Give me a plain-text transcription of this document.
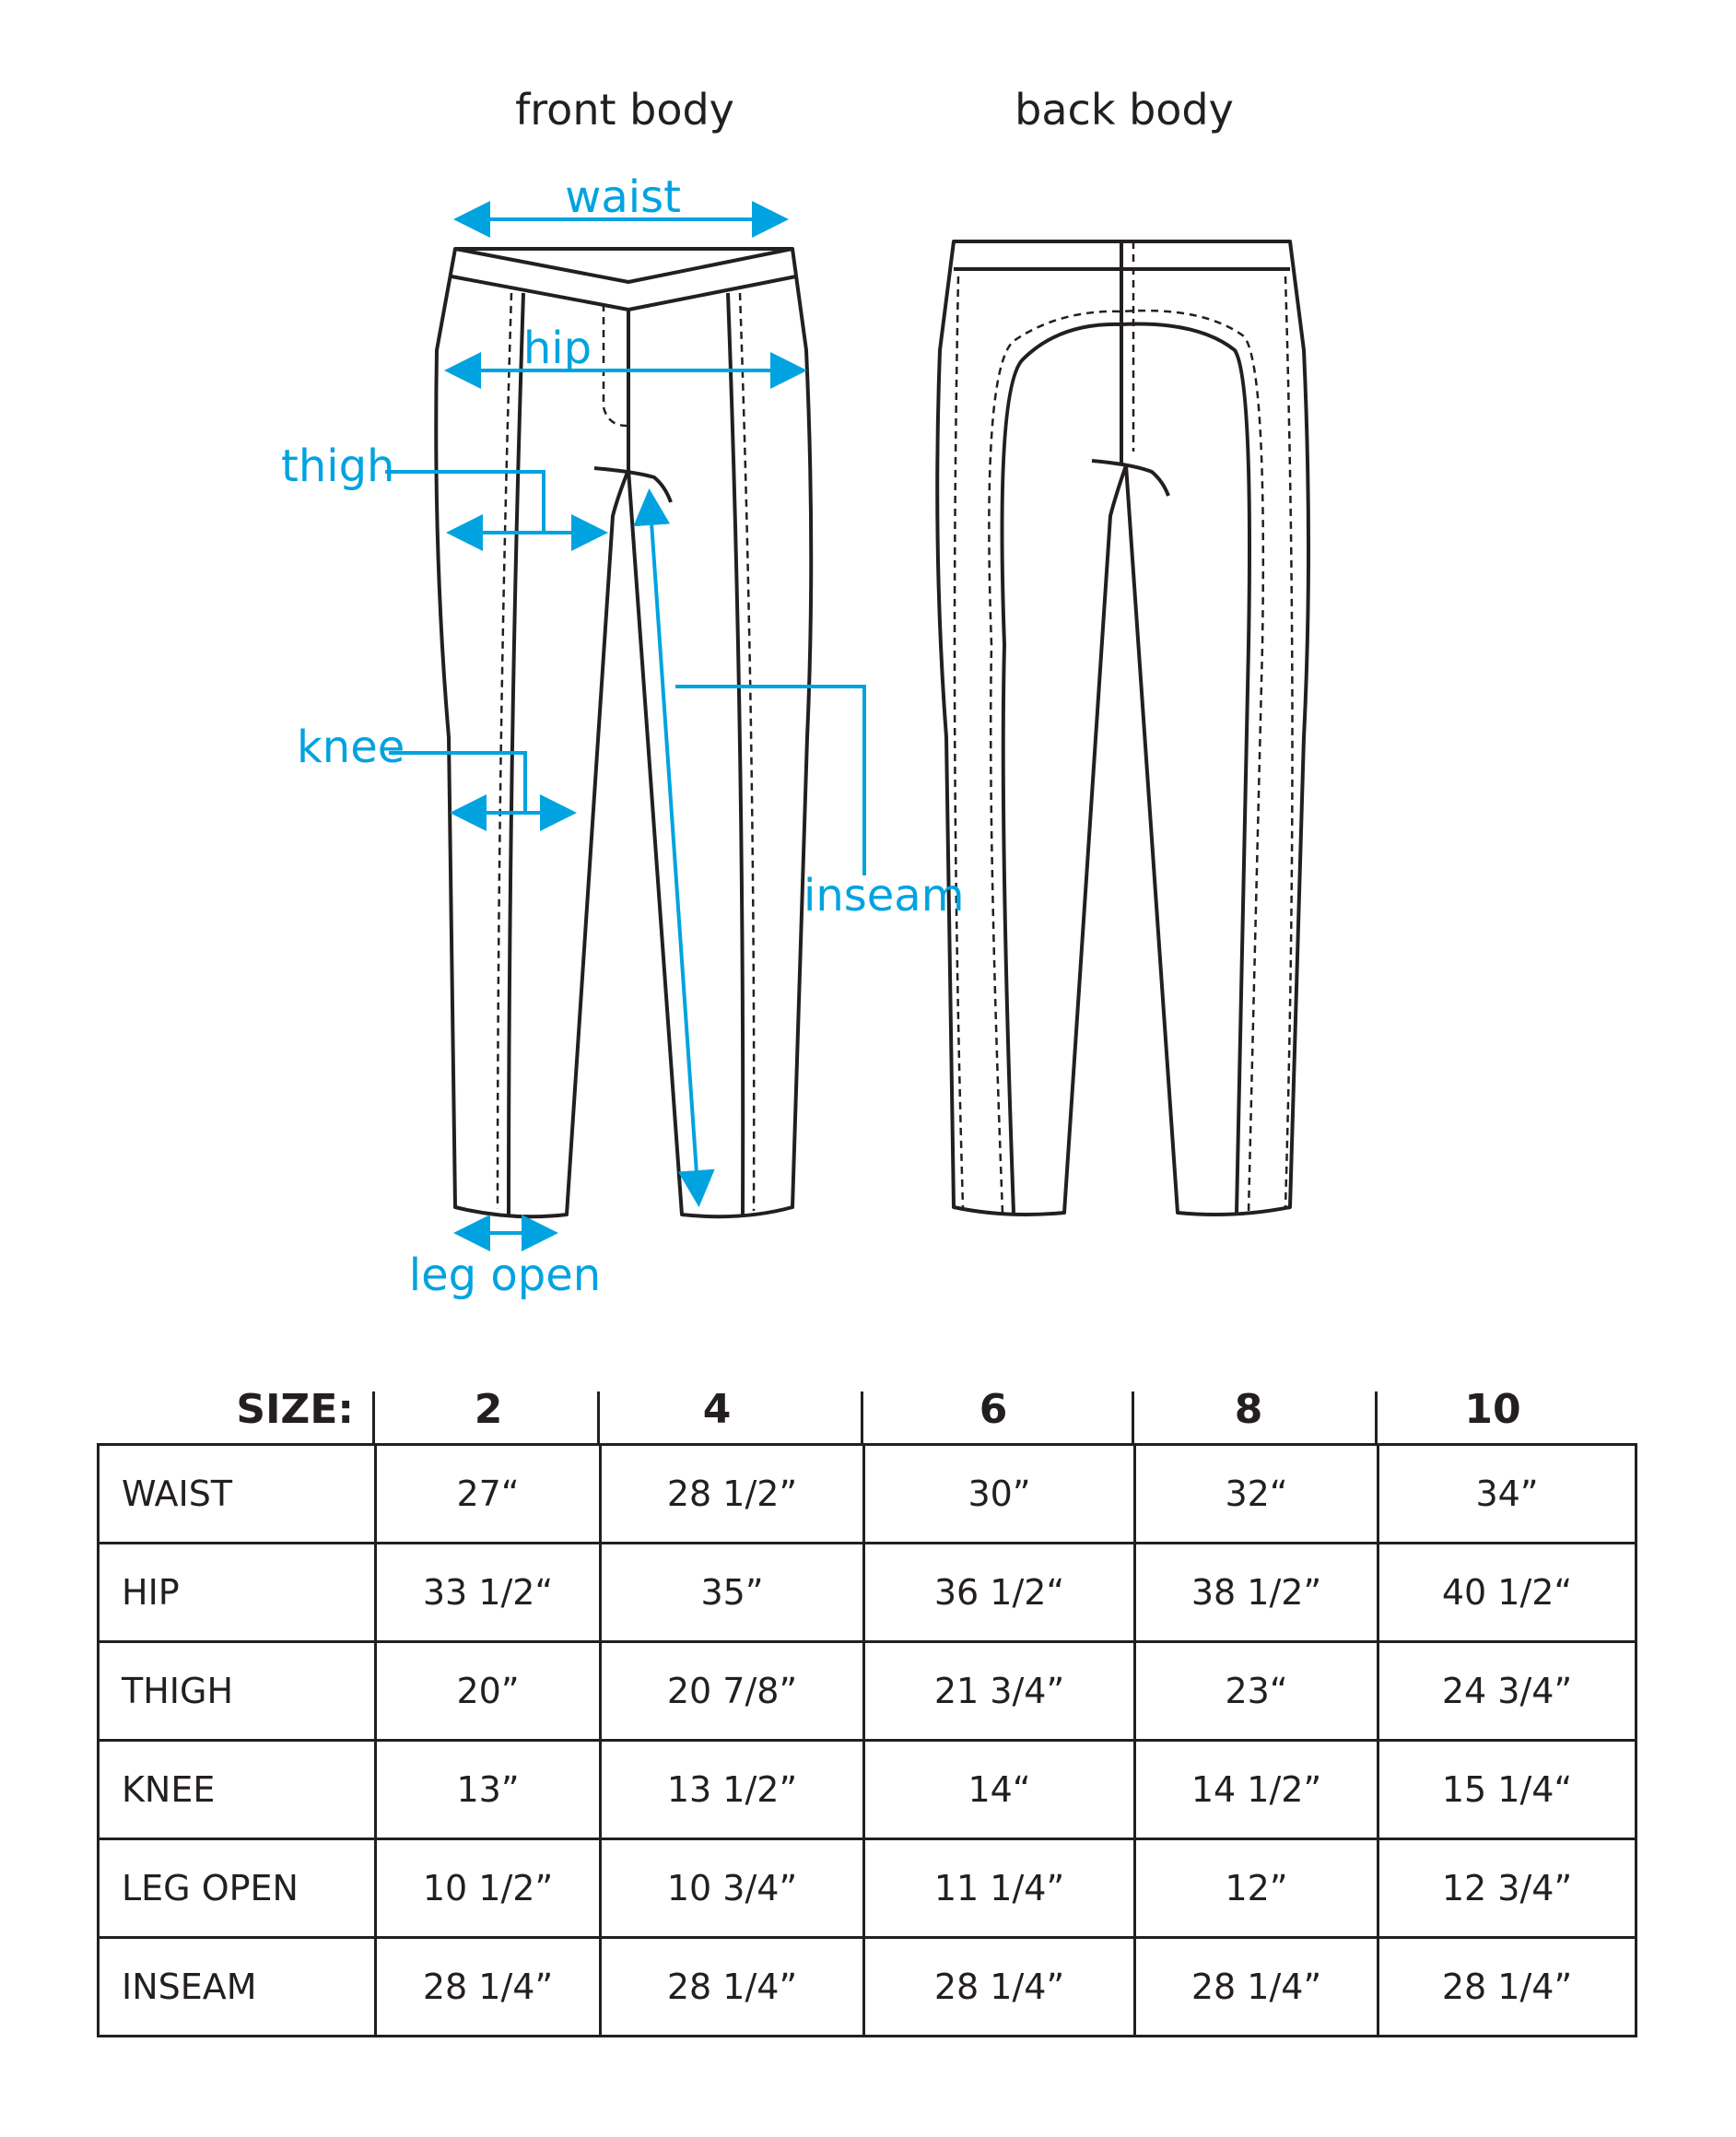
front body	back body
waist
hip
thigh
knee
inseam
leg open
SIZE:	2	4	6	8	10
WAIST	27“	28 1/2”	30”	32“	34”
HIP	33 1/2“	35”	36 1/2“	38 1/2”	40 1/2“
THIGH	20”	20 7/8”	21 3/4”	23“	24 3/4”
KNEE	13”	13 1/2”	14“	14 1/2”	15 1/4“
LEG OPEN	10 1/2”	10 3/4”	11 1/4”	12”	12 3/4”
INSEAM	28 1/4”	28 1/4”	28 1/4”	28 1/4”	28 1/4”
